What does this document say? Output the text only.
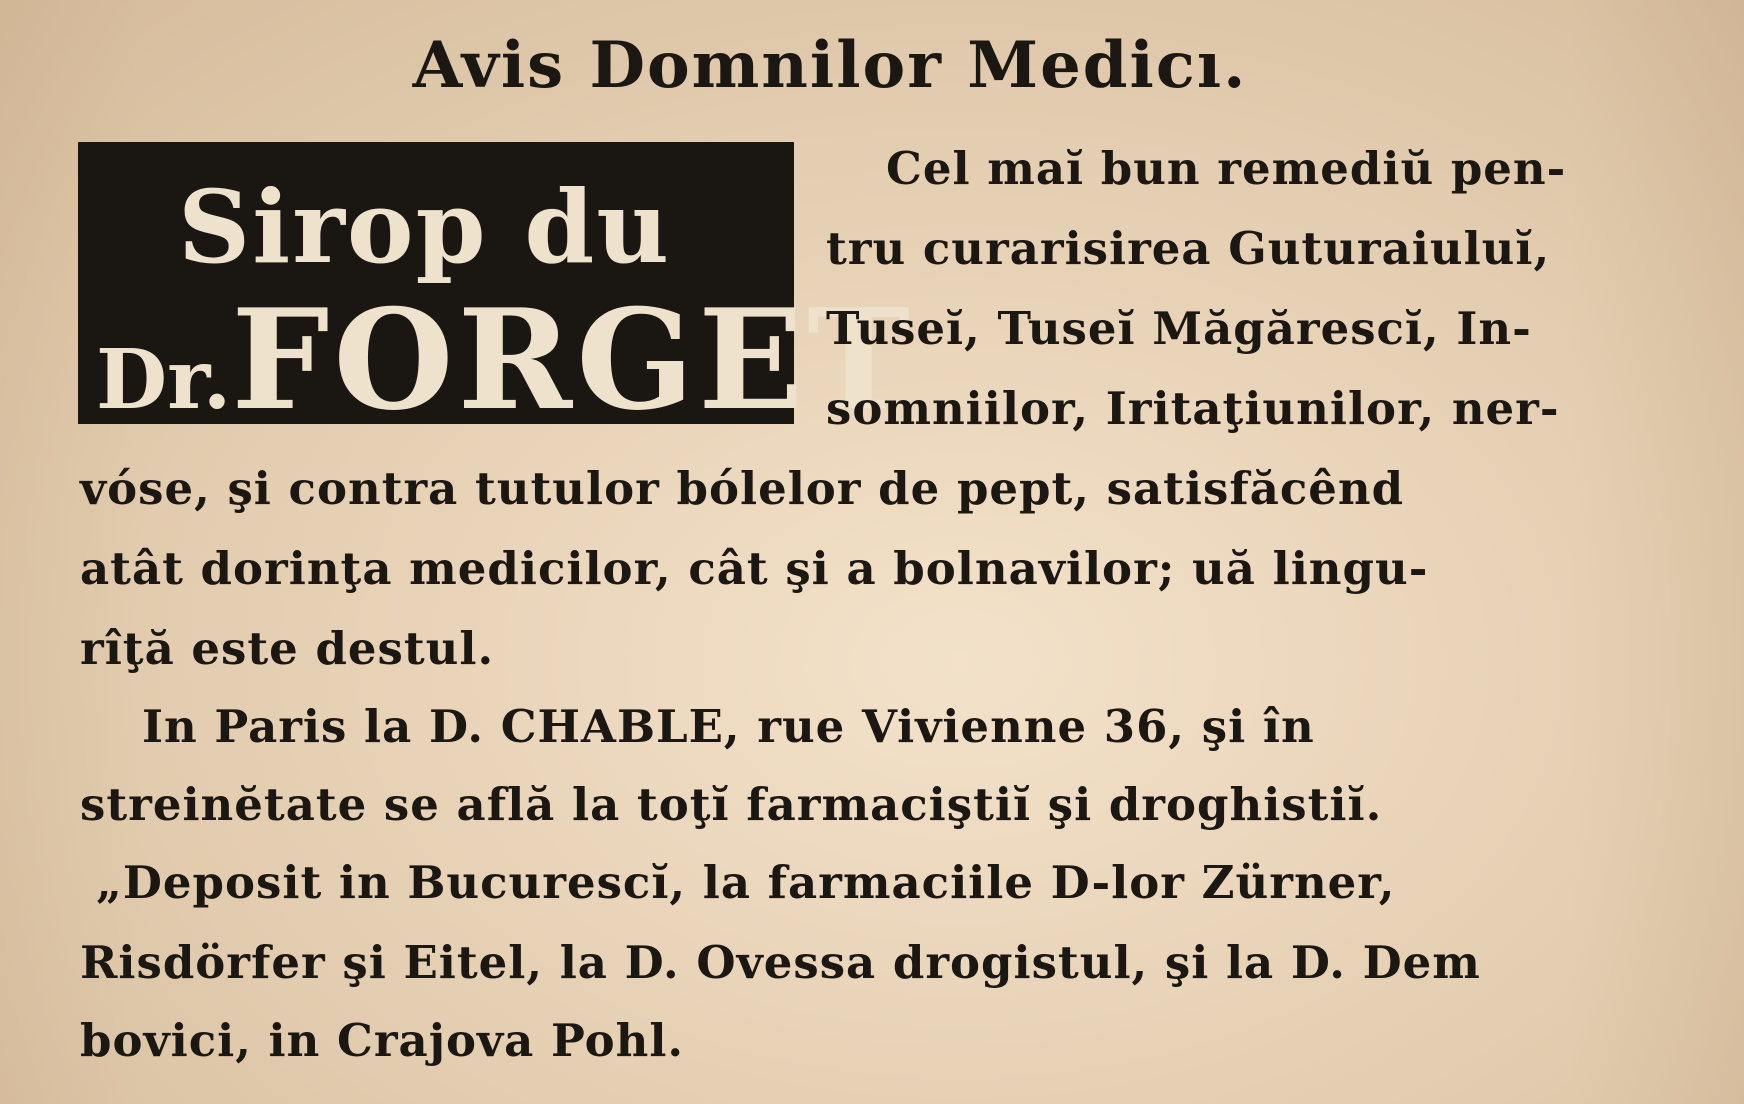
Avis Domnilor Medicı.
Sirop du
Dr.FORGET
Cel maĭ bun remediŭ pen-
tru curarisirea Guturaiuluĭ,
Tuseĭ, Tuseĭ Măgărescĭ, In-
somniilor, Iritaţiunilor, ner-
vóse, şi contra tutulor bólelor de pept, satisfăcênd
atât dorinţa medicilor, cât şi a bolnavilor; uă lingu-
rîţă este destul.
In Paris la D. CHABLE, rue Vivienne 36, şi în
streinĕtate se află la toţĭ farmaciştiĭ şi droghistiĭ.
„Deposit in Bucurescĭ, la farmaciile D-lor Zürner,
Risdörfer şi Eitel, la D. Ovessa drogistul, şi la D. Dem
bovici, in Crajova Pohl.
